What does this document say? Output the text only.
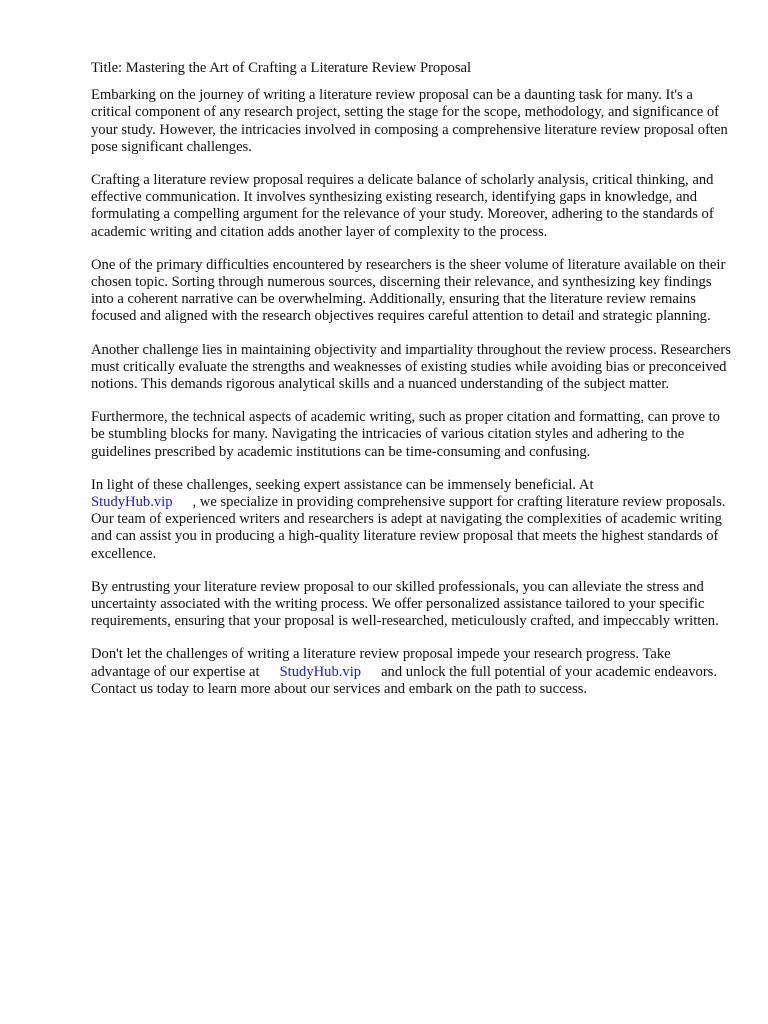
Title: Mastering the Art of Crafting a Literature Review Proposal

Embarking on the journey of writing a literature review proposal can be a daunting task for many. It's a critical component of any research project, setting the stage for the scope, methodology, and significance of your study. However, the intricacies involved in composing a comprehensive literature review proposal often pose significant challenges.

Crafting a literature review proposal requires a delicate balance of scholarly analysis, critical thinking, and effective communication. It involves synthesizing existing research, identifying gaps in knowledge, and formulating a compelling argument for the relevance of your study. Moreover, adhering to the standards of academic writing and citation adds another layer of complexity to the process.

One of the primary difficulties encountered by researchers is the sheer volume of literature available on their chosen topic. Sorting through numerous sources, discerning their relevance, and synthesizing key findings into a coherent narrative can be overwhelming. Additionally, ensuring that the literature review remains focused and aligned with the research objectives requires careful attention to detail and strategic planning.

Another challenge lies in maintaining objectivity and impartiality throughout the review process. Researchers must critically evaluate the strengths and weaknesses of existing studies while avoiding bias or preconceived notions. This demands rigorous analytical skills and a nuanced understanding of the subject matter.

Furthermore, the technical aspects of academic writing, such as proper citation and formatting, can prove to be stumbling blocks for many. Navigating the intricacies of various citation styles and adhering to the guidelines prescribed by academic institutions can be time-consuming and confusing.

In light of these challenges, seeking expert assistance can be immensely beneficial. At
StudyHub.vip , we specialize in providing comprehensive support for crafting literature review proposals. Our team of experienced writers and researchers is adept at navigating the complexities of academic writing and can assist you in producing a high-quality literature review proposal that meets the highest standards of excellence.

By entrusting your literature review proposal to our skilled professionals, you can alleviate the stress and uncertainty associated with the writing process. We offer personalized assistance tailored to your specific requirements, ensuring that your proposal is well-researched, meticulously crafted, and impeccably written.

Don't let the challenges of writing a literature review proposal impede your research progress. Take advantage of our expertise at StudyHub.vip and unlock the full potential of your academic endeavors. Contact us today to learn more about our services and embark on the path to success.
